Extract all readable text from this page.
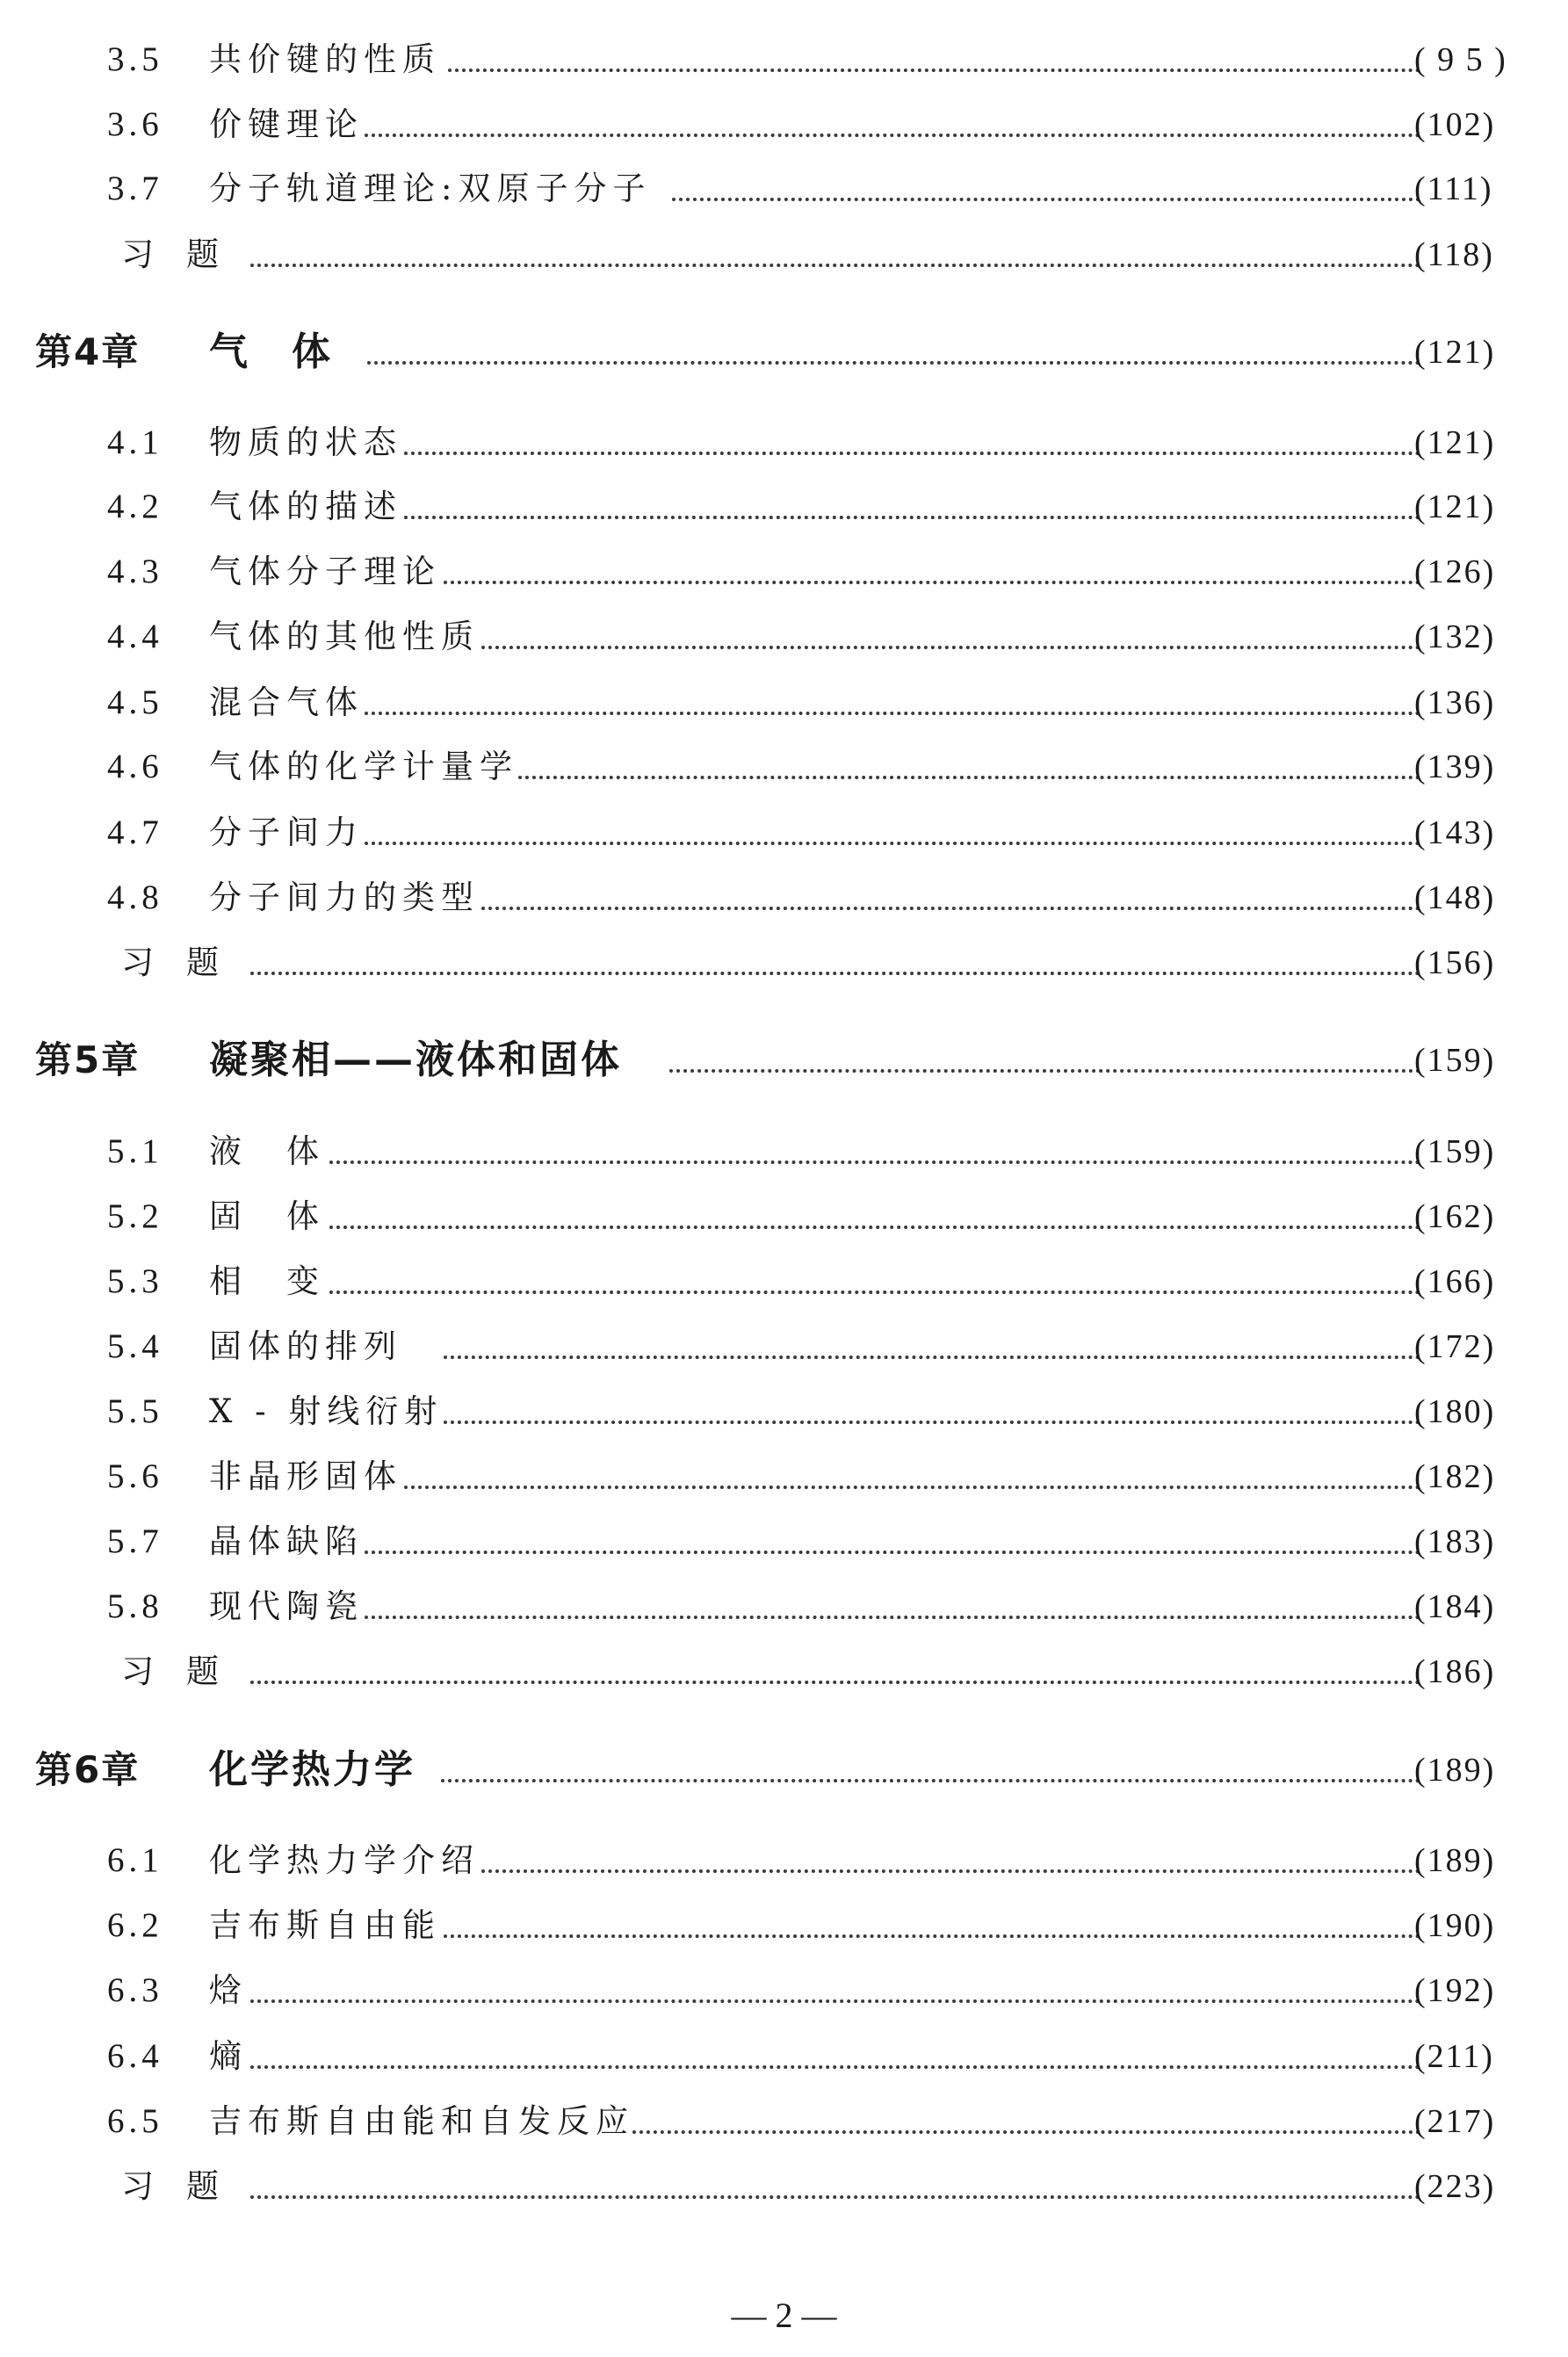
3.5 共价键的性质	( 9 5 )
3.6 价键理论	(102)
3.7 分子轨道理论:双原子分子	(111)
习　题	(118)
第4章 气　体	(121)
4.1 物质的状态	(121)
4.2 气体的描述	(121)
4.3 气体分子理论	(126)
4.4 气体的其他性质	(132)
4.5 混合气体	(136)
4.6 气体的化学计量学	(139)
4.7 分子间力	(143)
4.8 分子间力的类型	(148)
习　题	(156)
第5章 凝聚相——液体和固体	(159)
5.1 液　体	(159)
5.2 固　体	(162)
5.3 相　变	(166)
5.4 固体的排列	(172)
5.5 X - 射线衍射	(180)
5.6 非晶形固体	(182)
5.7 晶体缺陷	(183)
5.8 现代陶瓷	(184)
习　题	(186)
第6章 化学热力学	(189)
6.1 化学热力学介绍	(189)
6.2 吉布斯自由能	(190)
6.3 焓	(192)
6.4 熵	(211)
6.5 吉布斯自由能和自发反应	(217)
习　题	(223)
— 2 —
